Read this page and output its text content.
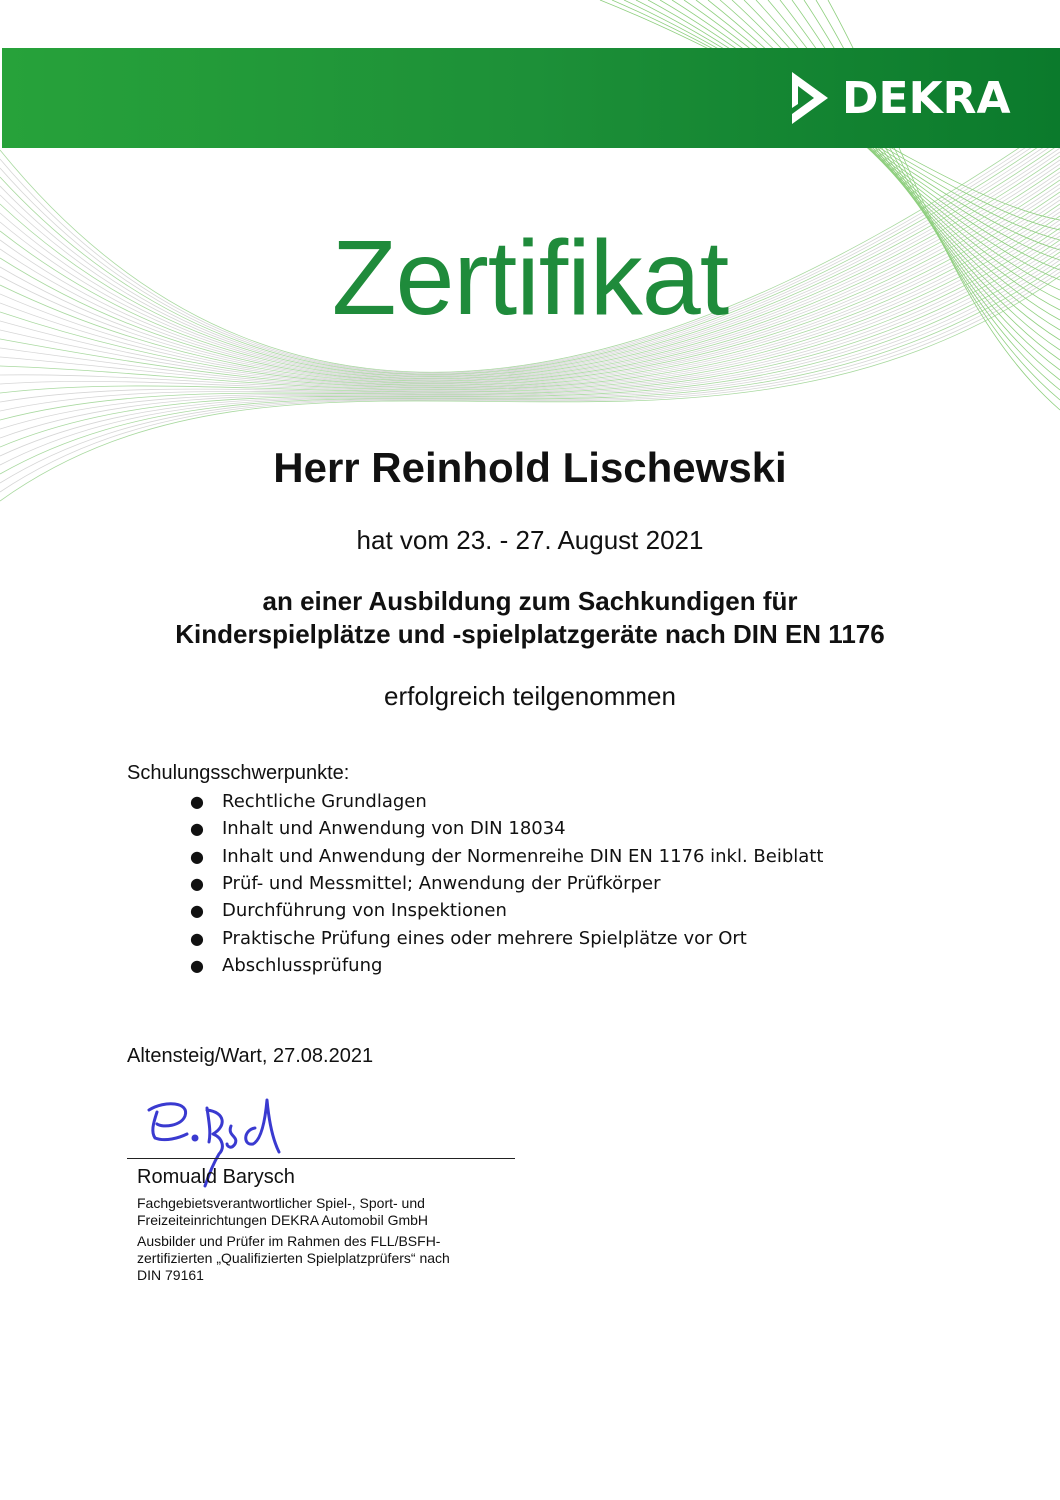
DEKRA
Zertifikat
Herr Reinhold Lischewski
hat vom 23. - 27. August 2021
an einer Ausbildung zum Sachkundigen für
Kinderspielplätze und -spielplatzgeräte nach DIN EN 1176
erfolgreich teilgenommen
Schulungsschwerpunkte:
●	Rechtliche Grundlagen
●	Inhalt und Anwendung von DIN 18034
●	Inhalt und Anwendung der Normenreihe DIN EN 1176 inkl. Beiblatt
●	Prüf- und Messmittel; Anwendung der Prüfkörper
●	Durchführung von Inspektionen
●	Praktische Prüfung eines oder mehrere Spielplätze vor Ort
●	Abschlussprüfung
Altensteig/Wart, 27.08.2021
Romuald Barysch
Fachgebietsverantwortlicher Spiel-, Sport- und
Freizeiteinrichtungen DEKRA Automobil GmbH
Ausbilder und Prüfer im Rahmen des FLL/BSFH-
zertifizierten „Qualifizierten Spielplatzprüfers“ nach
DIN 79161
